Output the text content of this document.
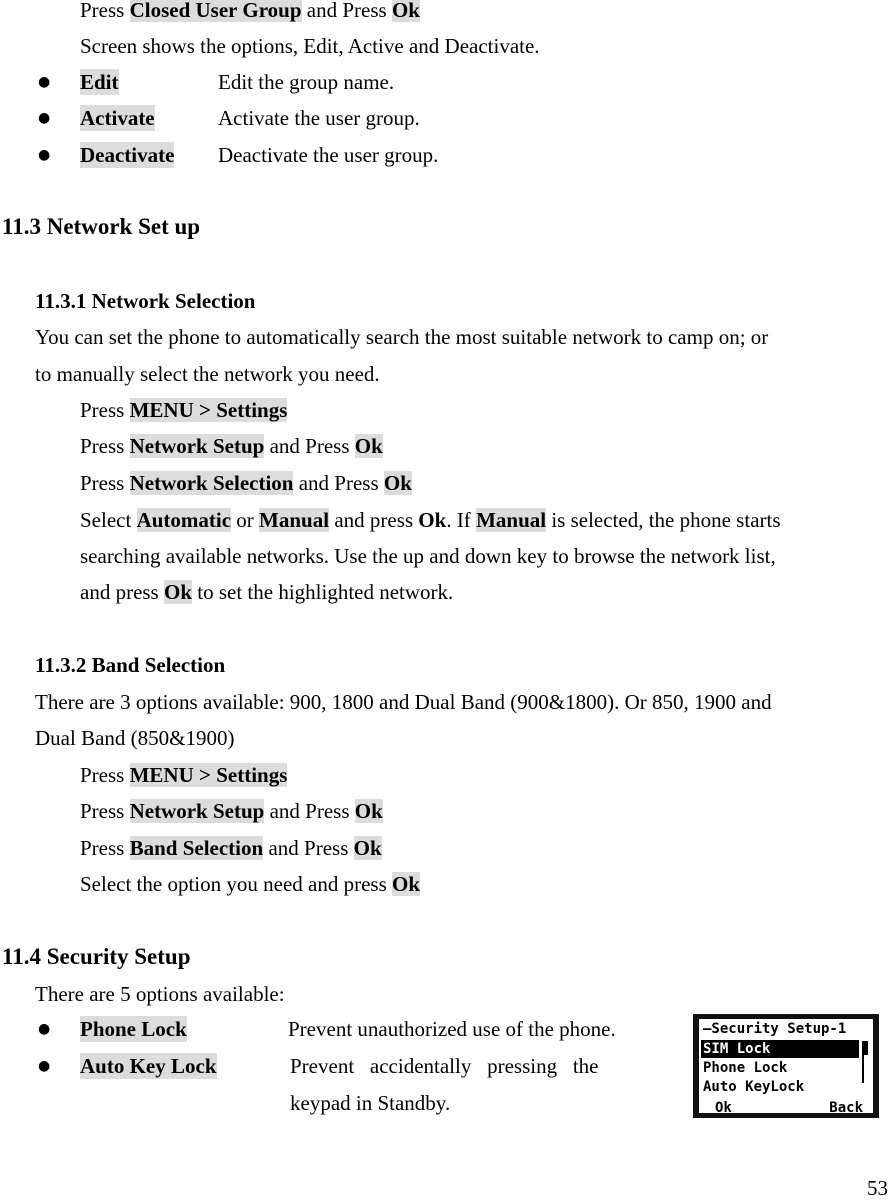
Press Closed User Group and Press Ok
Screen shows the options, Edit, Active and Deactivate.
● Edit	Edit the group name.
● Activate	Activate the user group.
● Deactivate Deactivate the user group.
11.3 Network Set up
11.3.1 Network Selection
You can set the phone to automatically search the most suitable network to camp on; or
to manually select the network you need.
Press MENU > Settings
Press Network Setup and Press Ok
Press Network Selection and Press Ok
Select Automatic or Manual and press Ok. If Manual is selected, the phone starts
searching available networks. Use the up and down key to browse the network list,
and press Ok to set the highlighted network.
11.3.2 Band Selection
There are 3 options available: 900, 1800 and Dual Band (900&1800). Or 850, 1900 and
Dual Band (850&1900)
Press MENU > Settings
Press Network Setup and Press Ok
Press Band Selection and Press Ok
Select the option you need and press Ok
11.4 Security Setup
There are 5 options available:
● Phone Lock	Prevent unauthorized use of the phone.
● Auto Key Lock	Prevent   accidentally   pressing   the
keypad in Standby.
—Security Setup-1
SIM Lock
Phone Lock
Auto KeyLock
Ok	Back
53
